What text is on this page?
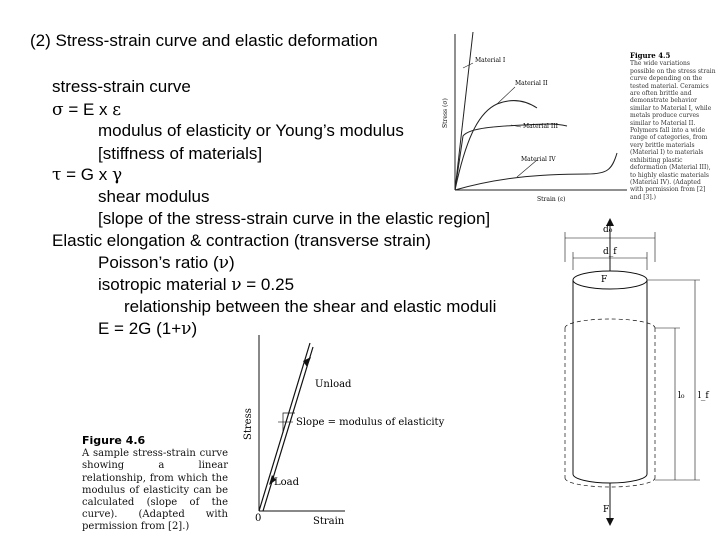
(2) Stress-strain curve and elastic deformation
stress-strain curve
σ = E x ε
modulus of elasticity or Young’s modulus
[stiffness of materials]
τ = G x γ
shear modulus
[slope of the stress-strain curve in the elastic region]
Elastic elongation & contraction (transverse strain)
Poisson’s ratio (ν)
isotropic material ν = 0.25
relationship between the shear and elastic moduli
E = 2G (1+ν)
Material I
Material II
Material III
Material IV
Stress (σ)
Strain (ε)
Figure 4.5
The wide variations possible on the stress strain curve depending on the tested material. Ceramics are often brittle and demonstrate behavior similar to Material I, while metals produce curves similar to Material II. Polymers fall into a wide range of categories, from very brittle materials (Material I) to materials exhibiting plastic deformation (Material III), to highly elastic materials (Material IV). (Adapted with permission from [2] and [3].)
Unload
Slope = modulus of elasticity
Load
Stress
Strain
0
Figure 4.6
A sample stress-strain curve showing a linear relationship, from which the modulus of elasticity can be calculated (slope of the curve). (Adapted with permission from [2].)
d₀
d_f
F
F
l₀ l_f
